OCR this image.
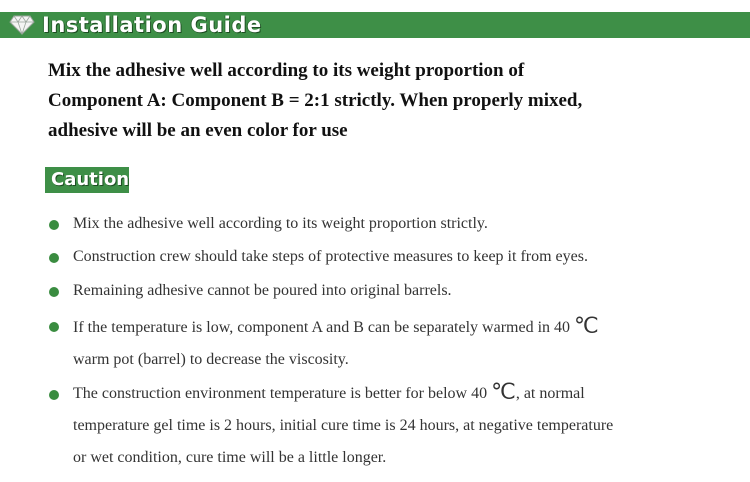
Installation Guide

Mix the adhesive well according to its weight proportion of

Component A: Component B = 2:1 strictly. When properly mixed,

adhesive will be an even color for use

Caution
Mix the adhesive well according to its weight proportion strictly.
Construction crew should take steps of protective measures to keep it from eyes.
Remaining adhesive cannot be poured into original barrels.
If the temperature is low, component A and B can be separately warmed in 40 ℃
warm pot (barrel) to decrease the viscosity.
The construction environment temperature is better for below 40 ℃, at normal
temperature gel time is 2 hours, initial cure time is 24 hours, at negative temperature
or wet condition, cure time will be a little longer.
